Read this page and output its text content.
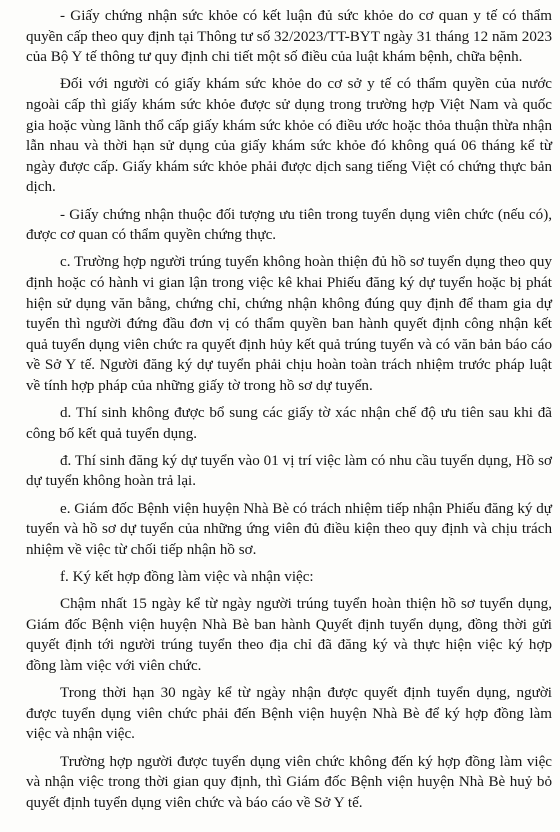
- Giấy chứng nhận sức khỏe có kết luận đủ sức khỏe do cơ quan y tế có thẩm quyền cấp theo quy định tại Thông tư số 32/2023/TT-BYT ngày 31 tháng 12 năm 2023 của Bộ Y tế thông tư quy định chi tiết một số điều của luật khám bệnh, chữa bệnh.

Đối với người có giấy khám sức khỏe do cơ sở y tế có thẩm quyền của nước ngoài cấp thì giấy khám sức khỏe được sử dụng trong trường hợp Việt Nam và quốc gia hoặc vùng lãnh thổ cấp giấy khám sức khỏe có điều ước hoặc thỏa thuận thừa nhận lẫn nhau và thời hạn sử dụng của giấy khám sức khỏe đó không quá 06 tháng kể từ ngày được cấp. Giấy khám sức khỏe phải được dịch sang tiếng Việt có chứng thực bản dịch.

- Giấy chứng nhận thuộc đối tượng ưu tiên trong tuyển dụng viên chức (nếu có), được cơ quan có thẩm quyền chứng thực.

c. Trường hợp người trúng tuyển không hoàn thiện đủ hồ sơ tuyển dụng theo quy định hoặc có hành vi gian lận trong việc kê khai Phiếu đăng ký dự tuyển hoặc bị phát hiện sử dụng văn bằng, chứng chỉ, chứng nhận không đúng quy định để tham gia dự tuyển thì người đứng đầu đơn vị có thẩm quyền ban hành quyết định công nhận kết quả tuyển dụng viên chức ra quyết định hủy kết quả trúng tuyển và có văn bản báo cáo về Sở Y tế. Người đăng ký dự tuyển phải chịu hoàn toàn trách nhiệm trước pháp luật về tính hợp pháp của những giấy tờ trong hồ sơ dự tuyển.

d. Thí sinh không được bổ sung các giấy tờ xác nhận chế độ ưu tiên sau khi đã công bố kết quả tuyển dụng.

đ. Thí sinh đăng ký dự tuyển vào 01 vị trí việc làm có nhu cầu tuyển dụng, Hồ sơ dự tuyển không hoàn trả lại.

e. Giám đốc Bệnh viện huyện Nhà Bè có trách nhiệm tiếp nhận Phiếu đăng ký dự tuyển và hồ sơ dự tuyển của những ứng viên đủ điều kiện theo quy định và chịu trách nhiệm về việc từ chối tiếp nhận hồ sơ.

f. Ký kết hợp đồng làm việc và nhận việc:

Chậm nhất 15 ngày kể từ ngày người trúng tuyển hoàn thiện hồ sơ tuyển dụng, Giám đốc Bệnh viện huyện Nhà Bè ban hành Quyết định tuyển dụng, đồng thời gửi quyết định tới người trúng tuyển theo địa chỉ đã đăng ký và thực hiện việc ký hợp đồng làm việc với viên chức.

Trong thời hạn 30 ngày kể từ ngày nhận được quyết định tuyển dụng, người được tuyển dụng viên chức phải đến Bệnh viện huyện Nhà Bè để ký hợp đồng làm việc và nhận việc.

Trường hợp người được tuyển dụng viên chức không đến ký hợp đồng làm việc và nhận việc trong thời gian quy định, thì Giám đốc Bệnh viện huyện Nhà Bè huỷ bỏ quyết định tuyển dụng viên chức và báo cáo về Sở Y tế.
